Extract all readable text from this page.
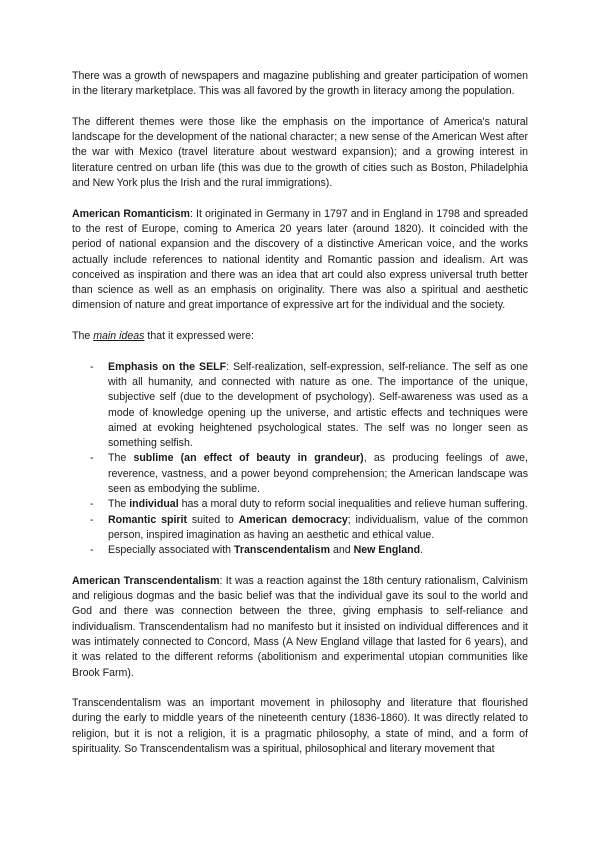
There was a growth of newspapers and magazine publishing and greater participation of women in the literary marketplace. This was all favored by the growth in literacy among the population.

The different themes were those like the emphasis on the importance of America's natural landscape for the development of the national character; a new sense of the American West after the war with Mexico (travel literature about westward expansion); and a growing interest in literature centred on urban life (this was due to the growth of cities such as Boston, Philadelphia and New York plus the Irish and the rural immigrations).

American Romanticism: It originated in Germany in 1797 and in England in 1798 and spreaded to the rest of Europe, coming to America 20 years later (around 1820). It coincided with the period of national expansion and the discovery of a distinctive American voice, and the works actually include references to national identity and Romantic passion and idealism. Art was conceived as inspiration and there was an idea that art could also express universal truth better than science as well as an emphasis on originality. There was also a spiritual and aesthetic dimension of nature and great importance of expressive art for the individual and the society.

The main ideas that it expressed were:

- Emphasis on the SELF: Self-realization, self-expression, self-reliance. The self as one with all humanity, and connected with nature as one. The importance of the unique, subjective self (due to the development of psychology). Self-awareness was used as a mode of knowledge opening up the universe, and artistic effects and techniques were aimed at evoking heightened psychological states. The self was no longer seen as something selfish.
- The sublime (an effect of beauty in grandeur), as producing feelings of awe, reverence, vastness, and a power beyond comprehension; the American landscape was seen as embodying the sublime.
- The individual has a moral duty to reform social inequalities and relieve human suffering.
- Romantic spirit suited to American democracy; individualism, value of the common person, inspired imagination as having an aesthetic and ethical value.
- Especially associated with Transcendentalism and New England.

American Transcendentalism: It was a reaction against the 18th century rationalism, Calvinism and religious dogmas and the basic belief was that the individual gave its soul to the world and God and there was connection between the three, giving emphasis to self-reliance and individualism. Transcendentalism had no manifesto but it insisted on individual differences and it was intimately connected to Concord, Mass (A New England village that lasted for 6 years), and it was related to the different reforms (abolitionism and experimental utopian communities like Brook Farm).

Transcendentalism was an important movement in philosophy and literature that flourished during the early to middle years of the nineteenth century (1836-1860). It was directly related to religion, but it is not a religion, it is a pragmatic philosophy, a state of mind, and a form of spirituality. So Transcendentalism was a spiritual, philosophical and literary movement that
